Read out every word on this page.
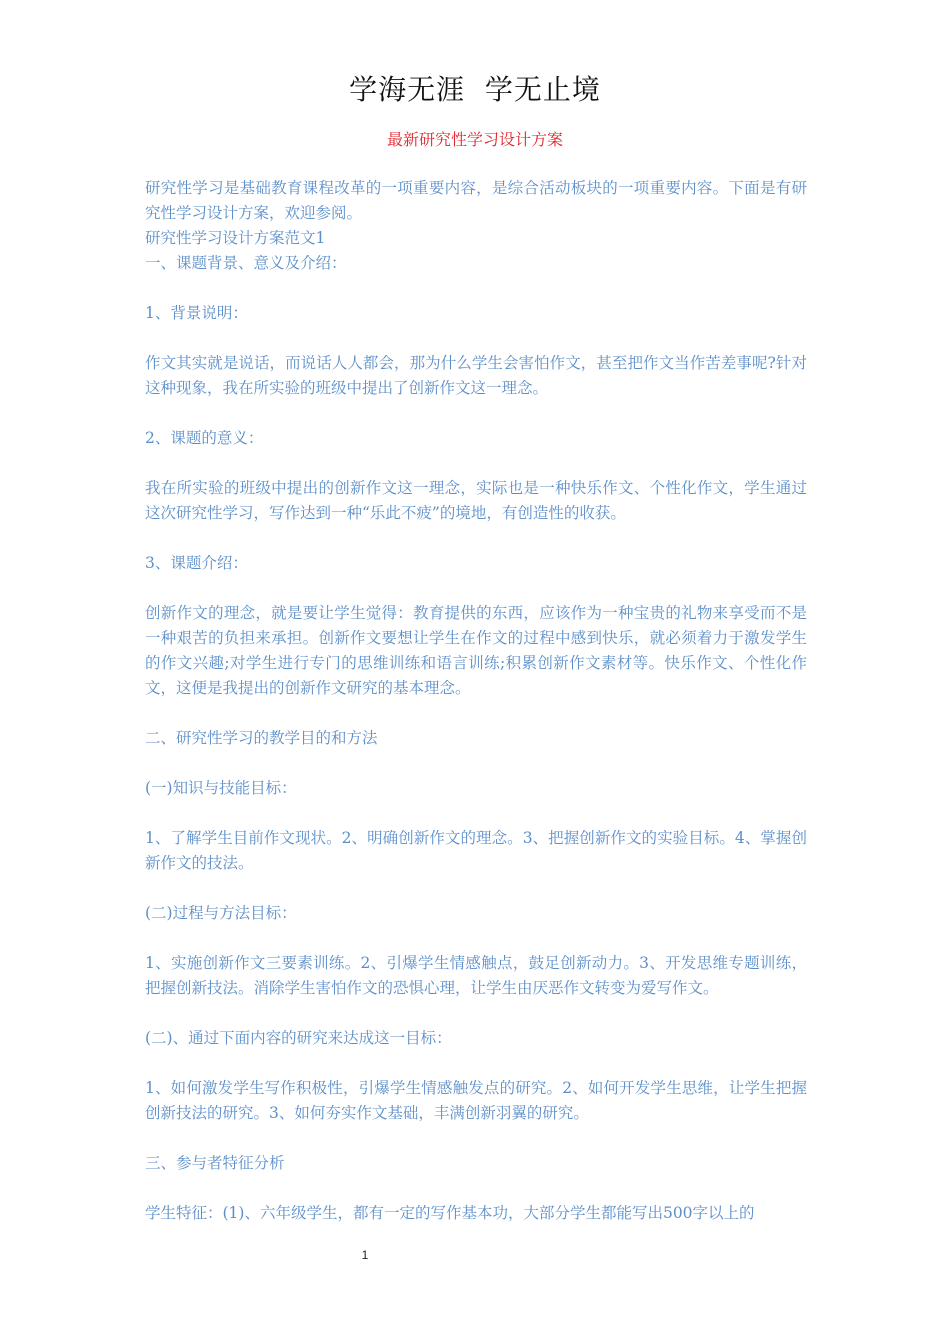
学海无涯  学无止境
最新研究性学习设计方案

研究性学习是基础教育课程改革的一项重要内容，是综合活动板块的一项重要内容。下面是有研究性学习设计方案，欢迎参阅。

研究性学习设计方案范文1

一、课题背景、意义及介绍：

1、背景说明：

作文其实就是说话，而说话人人都会，那为什么学生会害怕作文，甚至把作文当作苦差事呢?针对这种现象，我在所实验的班级中提出了创新作文这一理念。

2、课题的意义：

我在所实验的班级中提出的创新作文这一理念，实际也是一种快乐作文、个性化作文，学生通过这次研究性学习，写作达到一种“乐此不疲”的境地，有创造性的收获。

3、课题介绍：

创新作文的理念，就是要让学生觉得：教育提供的东西，应该作为一种宝贵的礼物来享受而不是一种艰苦的负担来承担。创新作文要想让学生在作文的过程中感到快乐，就必须着力于激发学生的作文兴趣;对学生进行专门的思维训练和语言训练;积累创新作文素材等。快乐作文、个性化作文，这便是我提出的创新作文研究的基本理念。

二、研究性学习的教学目的和方法

(一)知识与技能目标：

1、了解学生目前作文现状。2、明确创新作文的理念。3、把握创新作文的实验目标。4、掌握创新作文的技法。

(二)过程与方法目标：

1、实施创新作文三要素训练。2、引爆学生情感触点，鼓足创新动力。3、开发思维专题训练，把握创新技法。消除学生害怕作文的恐惧心理，让学生由厌恶作文转变为爱写作文。

(二)、通过下面内容的研究来达成这一目标：

1、如何激发学生写作积极性，引爆学生情感触发点的研究。2、如何开发学生思维，让学生把握创新技法的研究。3、如何夯实作文基础，丰满创新羽翼的研究。

三、参与者特征分析

学生特征：(1)、六年级学生，都有一定的写作基本功，大部分学生都能写出500字以上的

1
